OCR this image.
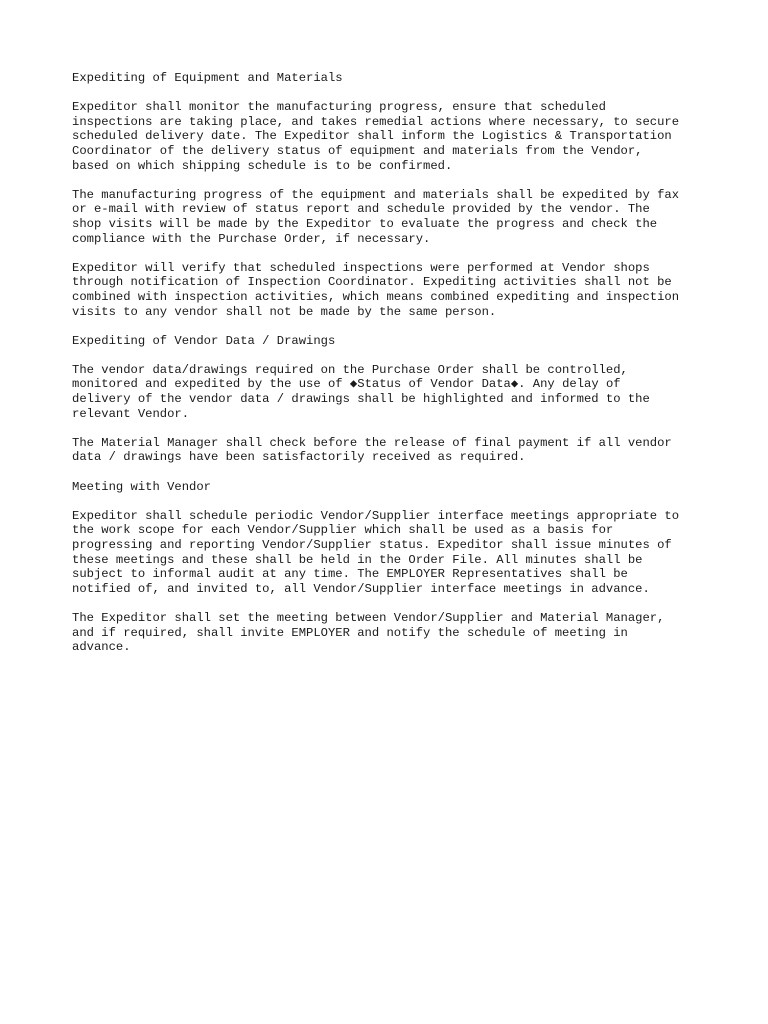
Expediting of Equipment and Materials
Expeditor shall monitor the manufacturing progress, ensure that scheduled
inspections are taking place, and takes remedial actions where necessary, to secure
scheduled delivery date. The Expeditor shall inform the Logistics & Transportation
Coordinator of the delivery status of equipment and materials from the Vendor,
based on which shipping schedule is to be confirmed.
The manufacturing progress of the equipment and materials shall be expedited by fax
or e-mail with review of status report and schedule provided by the vendor. The
shop visits will be made by the Expeditor to evaluate the progress and check the
compliance with the Purchase Order, if necessary.
Expeditor will verify that scheduled inspections were performed at Vendor shops
through notification of Inspection Coordinator. Expediting activities shall not be
combined with inspection activities, which means combined expediting and inspection
visits to any vendor shall not be made by the same person.
Expediting of Vendor Data / Drawings
The vendor data/drawings required on the Purchase Order shall be controlled,
monitored and expedited by the use of ◆Status of Vendor Data◆. Any delay of
delivery of the vendor data / drawings shall be highlighted and informed to the
relevant Vendor.
The Material Manager shall check before the release of final payment if all vendor
data / drawings have been satisfactorily received as required.
Meeting with Vendor
Expeditor shall schedule periodic Vendor/Supplier interface meetings appropriate to
the work scope for each Vendor/Supplier which shall be used as a basis for
progressing and reporting Vendor/Supplier status. Expeditor shall issue minutes of
these meetings and these shall be held in the Order File. All minutes shall be
subject to informal audit at any time. The EMPLOYER Representatives shall be
notified of, and invited to, all Vendor/Supplier interface meetings in advance.
The Expeditor shall set the meeting between Vendor/Supplier and Material Manager,
and if required, shall invite EMPLOYER and notify the schedule of meeting in
advance.
